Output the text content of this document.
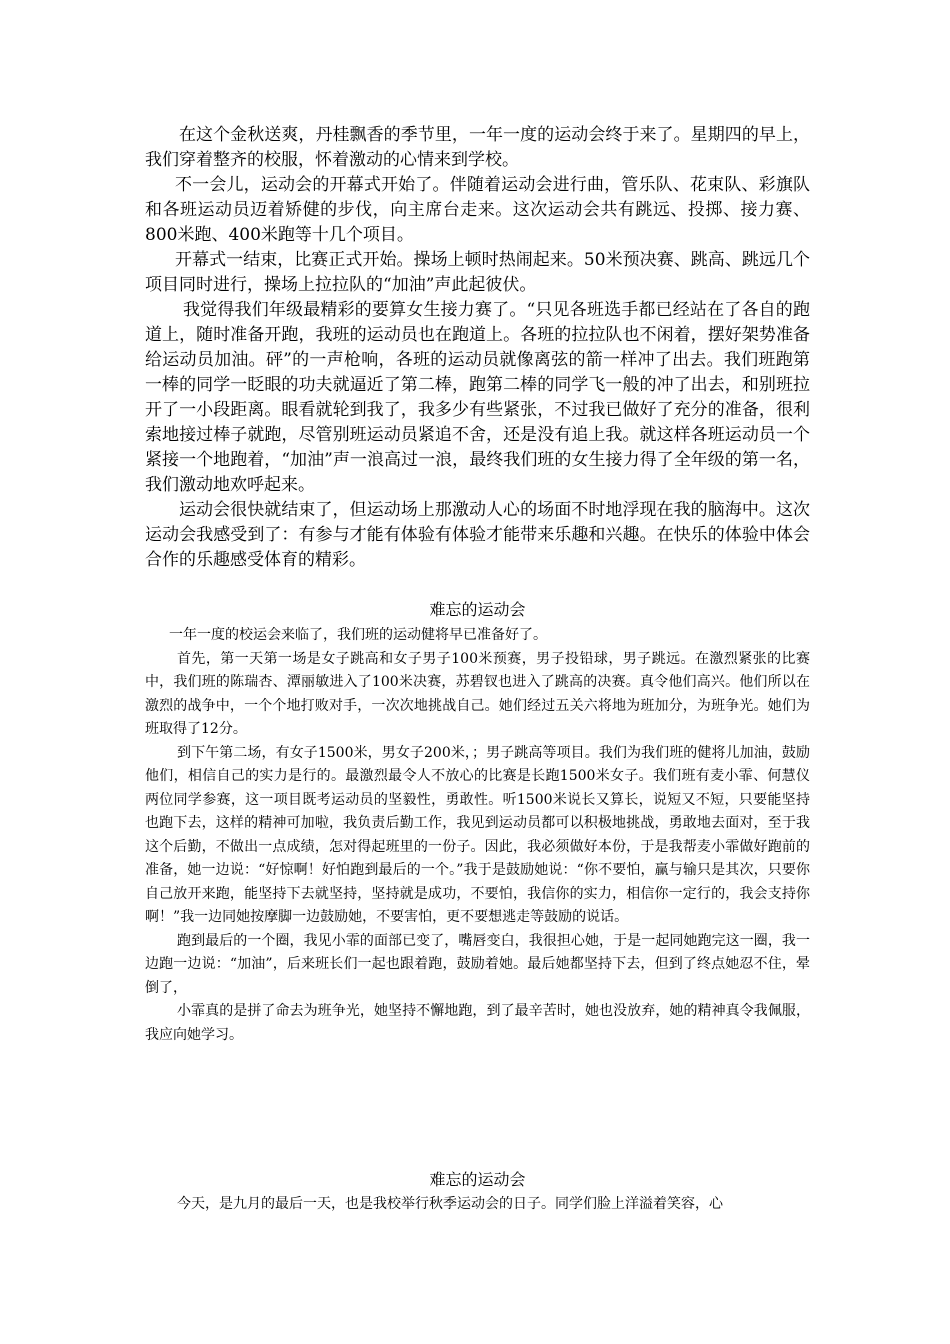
在这个金秋送爽，丹桂飘香的季节里，一年一度的运动会终于来了。星期四的早上，我们穿着整齐的校服，怀着激动的心情来到学校。

不一会儿，运动会的开幕式开始了。伴随着运动会进行曲，管乐队、花束队、彩旗队和各班运动员迈着矫健的步伐，向主席台走来。这次运动会共有跳远、投掷、接力赛、800米跑、400米跑等十几个项目。

开幕式一结束，比赛正式开始。操场上顿时热闹起来。50米预决赛、跳高、跳远几个项目同时进行，操场上拉拉队的“加油”声此起彼伏。

我觉得我们年级最精彩的要算女生接力赛了。“只见各班选手都已经站在了各自的跑道上，随时准备开跑，我班的运动员也在跑道上。各班的拉拉队也不闲着，摆好架势准备给运动员加油。砰”的一声枪响，各班的运动员就像离弦的箭一样冲了出去。我们班跑第一棒的同学一眨眼的功夫就逼近了第二棒，跑第二棒的同学飞一般的冲了出去，和别班拉开了一小段距离。眼看就轮到我了，我多少有些紧张，不过我已做好了充分的准备，很利索地接过棒子就跑，尽管别班运动员紧追不舍，还是没有追上我。就这样各班运动员一个紧接一个地跑着，“加油”声一浪高过一浪，最终我们班的女生接力得了全年级的第一名，我们激动地欢呼起来。

运动会很快就结束了，但运动场上那激动人心的场面不时地浮现在我的脑海中。这次运动会我感受到了：有参与才能有体验有体验才能带来乐趣和兴趣。在快乐的体验中体会合作的乐趣感受体育的精彩。

难忘的运动会

一年一度的校运会来临了，我们班的运动健将早已准备好了。

首先，第一天第一场是女子跳高和女子男子100米预赛，男子投铅球，男子跳远。在激烈紧张的比赛中，我们班的陈瑞杏、潭丽敏进入了100米决赛，苏碧钗也进入了跳高的决赛。真令他们高兴。他们所以在激烈的战争中，一个个地打败对手，一次次地挑战自己。她们经过五关六将地为班加分，为班争光。她们为班取得了12分。

到下午第二场，有女子1500米，男女子200米，；男子跳高等项目。我们为我们班的健将儿加油，鼓励他们，相信自己的实力是行的。最激烈最令人不放心的比赛是长跑1500米女子。我们班有麦小霏、何慧仪两位同学参赛，这一项目既考运动员的坚毅性，勇敢性。听1500米说长又算长，说短又不短，只要能坚持也跑下去，这样的精神可加啦，我负责后勤工作，我见到运动员都可以积极地挑战，勇敢地去面对，至于我这个后勤，不做出一点成绩，怎对得起班里的一份子。因此，我必须做好本份，于是我帮麦小霏做好跑前的准备，她一边说：“好惊啊！好怕跑到最后的一个。”我于是鼓励她说：“你不要怕，赢与输只是其次，只要你自己放开来跑，能坚持下去就坚持，坚持就是成功，不要怕，我信你的实力，相信你一定行的，我会支持你啊！”我一边同她按摩脚一边鼓励她，不要害怕，更不要想逃走等鼓励的说话。

跑到最后的一个圈，我见小霏的面部已变了，嘴唇变白，我很担心她，于是一起同她跑完这一圈，我一边跑一边说：“加油”，后来班长们一起也跟着跑，鼓励着她。最后她都坚持下去，但到了终点她忍不住，晕倒了，

小霏真的是拼了命去为班争光，她坚持不懈地跑，到了最辛苦时，她也没放弃，她的精神真令我佩服，我应向她学习。

难忘的运动会

今天，是九月的最后一天，也是我校举行秋季运动会的日子。同学们脸上洋溢着笑容，心
